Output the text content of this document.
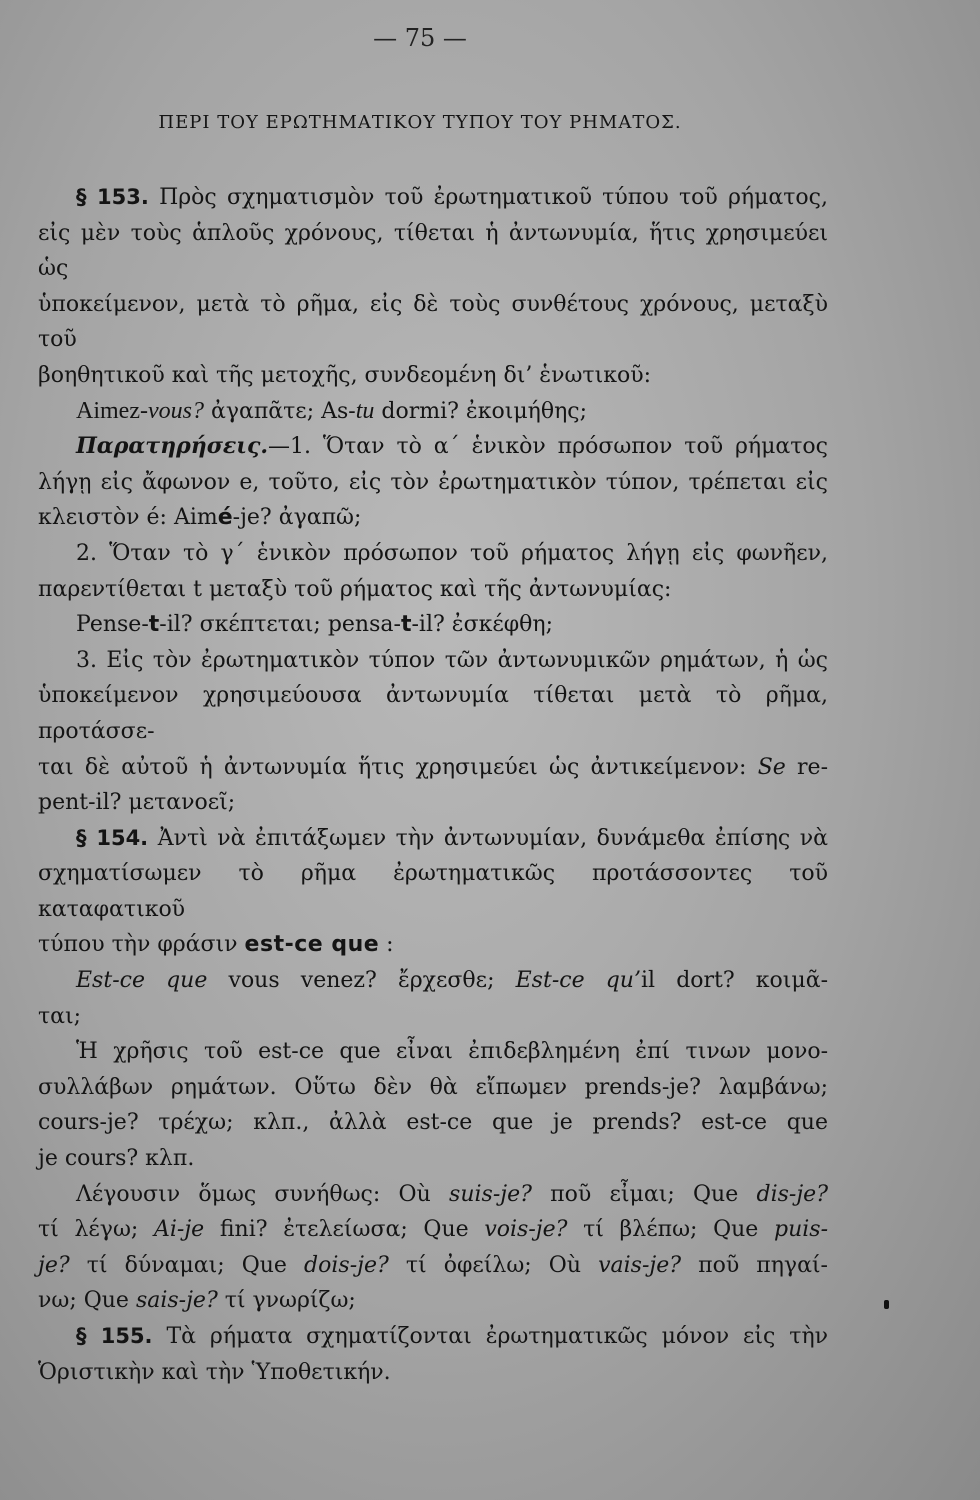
— 75 —
ΠΕΡΙ ΤΟΥ ΕΡΩΤΗΜΑΤΙΚΟΥ ΤΥΠΟΥ ΤΟΥ ΡΗΜΑΤΟΣ.

§ 153. Πρὸς σχηματισμὸν τοῦ ἐρωτηματικοῦ τύπου τοῦ ρήματος,

εἰς μὲν τοὺς ἁπλοῦς χρόνους, τίθεται ἡ ἀντωνυμία, ἥτις χρησιμεύει ὡς

ὑποκείμενον, μετὰ τὸ ρῆμα, εἰς δὲ τοὺς συνθέτους χρόνους, μεταξὺ τοῦ

βοηθητικοῦ καὶ τῆς μετοχῆς, συνδεομένη δι’ ἑνωτικοῦ:

Aimez-vous? ἀγαπᾶτε; As-tu dormi? ἐκοιμήθης;

Παρατηρήσεις.—1. Ὅταν τὸ α΄ ἑνικὸν πρόσωπον τοῦ ρήματος

λήγῃ εἰς ἄφωνον e, τοῦτο, εἰς τὸν ἐρωτηματικὸν τύπον, τρέπεται εἰς

κλειστὸν é: Aimé-je? ἀγαπῶ;

2. Ὅταν τὸ γ΄ ἑνικὸν πρόσωπον τοῦ ρήματος λήγῃ εἰς φωνῆεν,

παρεντίθεται t μεταξὺ τοῦ ρήματος καὶ τῆς ἀντωνυμίας:

Pense-t-il? σκέπτεται; pensa-t-il? ἐσκέφθη;

3. Εἰς τὸν ἐρωτηματικὸν τύπον τῶν ἀντωνυμικῶν ρημάτων, ἡ ὡς

ὑποκείμενον χρησιμεύουσα ἀντωνυμία τίθεται μετὰ τὸ ρῆμα, προτάσσε-

ται δὲ αὐτοῦ ἡ ἀντωνυμία ἥτις χρησιμεύει ὡς ἀντικείμενον: Se re-

pent-il? μετανοεῖ;

§ 154. Ἀντὶ νὰ ἐπιτάξωμεν τὴν ἀντωνυμίαν, δυνάμεθα ἐπίσης νὰ

σχηματίσωμεν τὸ ρῆμα ἐρωτηματικῶς προτάσσοντες τοῦ καταφατικοῦ

τύπου τὴν φράσιν est-ce que :

Est-ce que vous venez? ἔρχεσθε; Est-ce qu’il dort? κοιμᾶ-

ται;

Ἡ χρῆσις τοῦ est-ce que εἶναι ἐπιδεβλημένη ἐπί τινων μονο-

συλλάβων ρημάτων. Οὕτω δὲν θὰ εἴπωμεν prends-je? λαμβάνω;

cours-je? τρέχω; κλπ., ἀλλὰ est-ce que je prends? est-ce que

je cours? κλπ.

Λέγουσιν ὅμως συνήθως: Où suis-je? ποῦ εἶμαι; Que dis-je?

τί λέγω; Ai-je fini? ἐτελείωσα; Que vois-je? τί βλέπω; Que puis-

je? τί δύναμαι; Que dois-je? τί ὀφείλω; Où vais-je? ποῦ πηγαί-

νω; Que sais-je? τί γνωρίζω;

§ 155. Τὰ ρήματα σχηματίζονται ἐρωτηματικῶς μόνον εἰς τὴν

Ὁριστικὴν καὶ τὴν Ὑποθετικήν.
